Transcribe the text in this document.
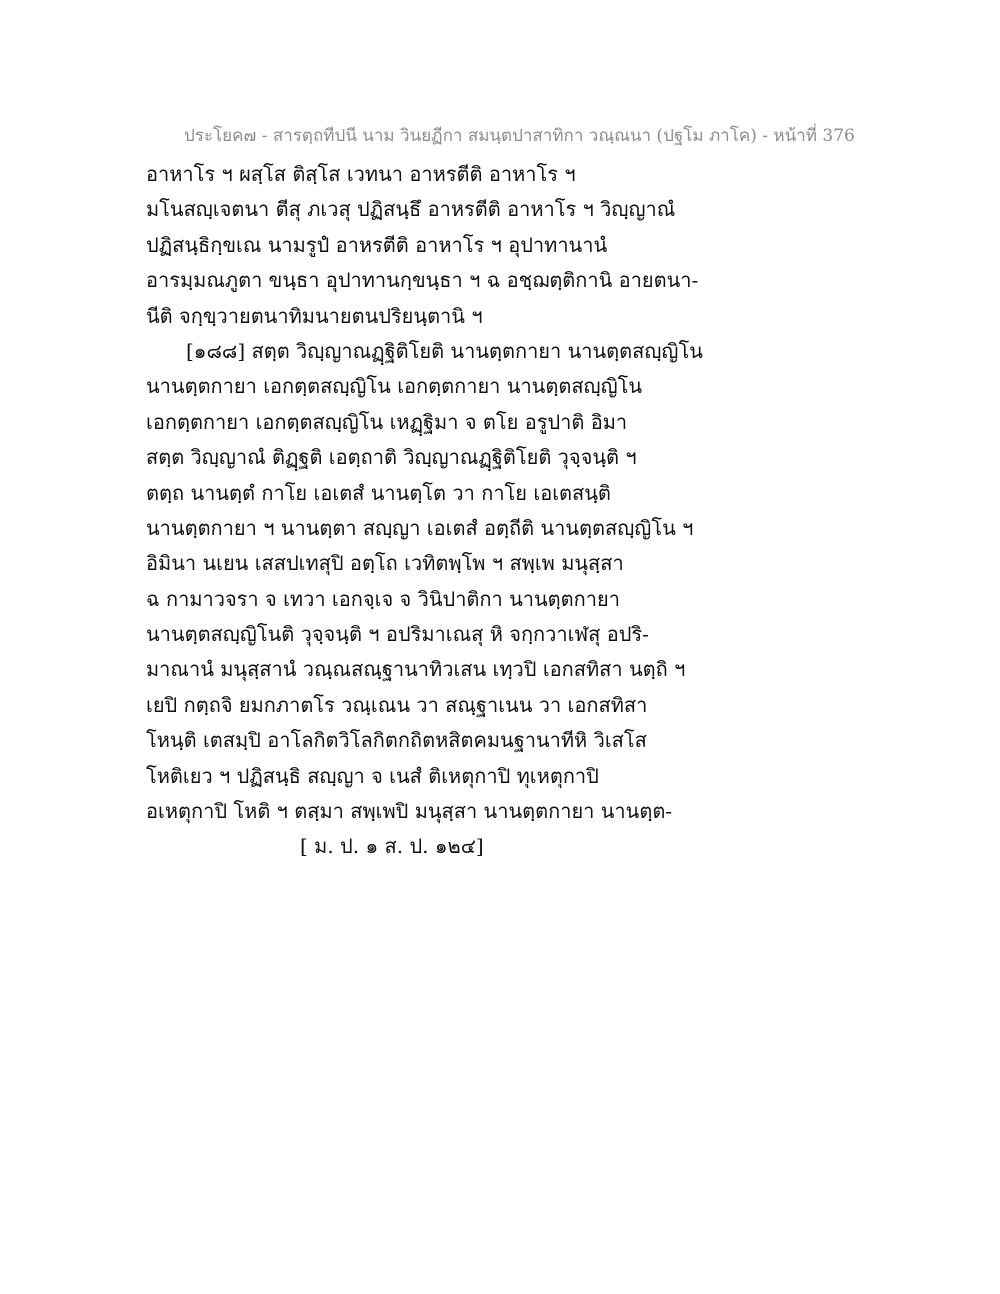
ประโยค๗ - สารตฺถทีปนี นาม วินยฏีกา สมนฺตปาสาทิกา วณฺณนา (ปฐโม ภาโค) - หน้าที่ 376
อาหาโร ฯ ผสฺโส ติสฺโส เวทนา อาหรตีติ อาหาโร ฯ
มโนสญฺเจตนา ตีสุ ภเวสุ ปฏิสนฺธึ อาหรตีติ อาหาโร ฯ วิญฺญาณํ
ปฏิสนฺธิกฺขเณ นามรูปํ อาหรตีติ อาหาโร ฯ อุปาทานานํ
อารมฺมณภูตา ขนฺธา อุปาทานกฺขนฺธา ฯ ฉ อชฺฌตฺติกานิ อายตนา-
นีติ จกฺขฺวายตนาทิมนายตนปริยนฺตานิ ฯ
[๑๘๘] สตฺต วิญฺญาณฏฺฐิติโยติ นานตฺตกายา นานตฺตสญฺญิโน
นานตฺตกายา เอกตฺตสญฺญิโน เอกตฺตกายา นานตฺตสญฺญิโน
เอกตฺตกายา เอกตฺตสญฺญิโน เหฏฺฐิมา จ ตโย อรูปาติ อิมา
สตฺต วิญฺญาณํ ติฏฺฐติ เอตฺถาติ วิญฺญาณฏฺฐิติโยติ วุจฺจนฺติ ฯ
ตตฺถ นานตฺตํ กาโย เอเตสํ นานตฺโต วา กาโย เอเตสนฺติ
นานตฺตกายา ฯ นานตฺตา สญฺญา เอเตสํ อตฺถีติ นานตฺตสญฺญิโน ฯ
อิมินา นเยน เสสปเทสุปิ อตฺโถ เวทิตพฺโพ ฯ สพฺเพ มนุสฺสา
ฉ กามาวจรา จ เทวา เอกจฺเจ จ วินิปาติกา นานตฺตกายา
นานตฺตสญฺญิโนติ วุจฺจนฺติ ฯ อปริมาเณสุ หิ จกฺกวาเฬสุ อปริ-
มาณานํ มนุสฺสานํ วณฺณสณฺฐานาทิวเสน เทฺวปิ เอกสทิสา นตฺถิ ฯ
เยปิ กตฺถจิ ยมกภาตโร วณฺเณน วา สณฺฐาเนน วา เอกสทิสา
โหนฺติ เตสมฺปิ อาโลกิตวิโลกิตกถิตหสิตคมนฐานาทีหิ วิเสโส
โหติเยว ฯ ปฏิสนฺธิ สญฺญา จ เนสํ ติเหตุกาปิ ทุเหตุกาปิ
อเหตุกาปิ โหติ ฯ ตสฺมา สพฺเพปิ มนุสฺสา นานตฺตกายา นานตฺต-
[ ม. ป. ๑ ส. ป. ๑๒๔]
